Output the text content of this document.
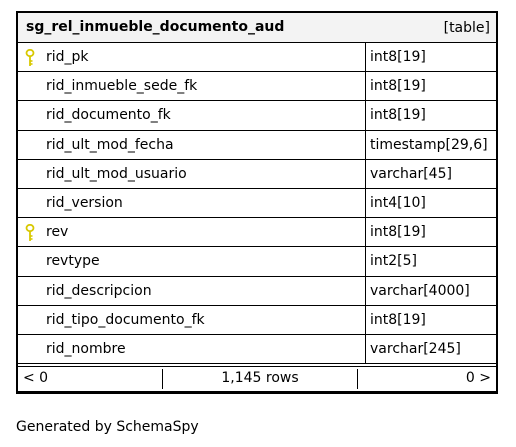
sg_rel_inmueble_documento_aud	[table]
rid_pk	int8[19]
rid_inmueble_sede_fk	int8[19]
rid_documento_fk	int8[19]
rid_ult_mod_fecha	timestamp[29,6]
rid_ult_mod_usuario	varchar[45]
rid_version	int4[10]
rev	int8[19]
revtype	int2[5]
rid_descripcion	varchar[4000]
rid_tipo_documento_fk	int8[19]
rid_nombre	varchar[245]
< 0	1,145 rows	0 >
Generated by SchemaSpy
